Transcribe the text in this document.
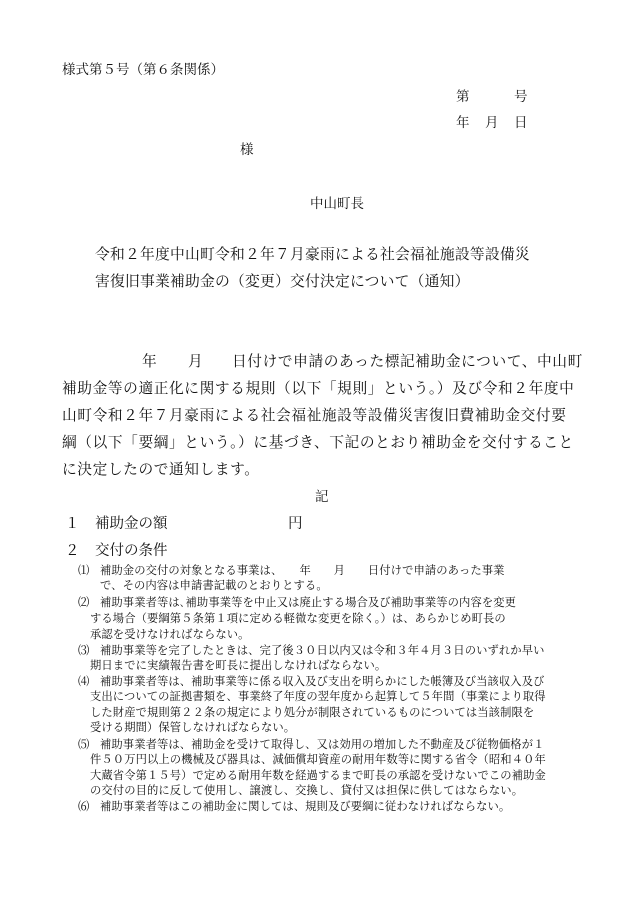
様式第５号（第６条関係）
第	号
年 月 日
様
中山町長
令和２年度中山町令和２年７月豪雨による社会福祉施設等設備災
害復旧事業補助金の（変更）交付決定について（通知）
年 月 日付けで申請のあった標記補助金について、中山町
補助金等の適正化に関する規則（以下「規則」という。）及び令和２年度中
山町令和２年７月豪雨による社会福祉施設等設備災害復旧費補助金交付要
綱（以下「要綱」という。）に基づき、下記のとおり補助金を交付すること
に決定したので通知します。
記
１ 補助金の額	円
２ 交付の条件
⑴ 補助金の交付の対象となる事業は、　　年　　月　　日付けで申請のあった事業
で、その内容は申請書記載のとおりとする。
⑵ 補助事業者等は､補助事業等を中止又は廃止する場合及び補助事業等の内容を変更
する場合（要綱第５条第１項に定める軽微な変更を除く。）は、あらかじめ町長の
承認を受けなければならない。
⑶ 補助事業等を完了したときは、完了後３０日以内又は令和３年４月３日のいずれか早い
期日までに実績報告書を町長に提出しなければならない。
⑷ 補助事業者等は、補助事業等に係る収入及び支出を明らかにした帳簿及び当該収入及び
支出についての証拠書類を、事業終了年度の翌年度から起算して５年間（事業により取得
した財産で規則第２２条の規定により処分が制限されているものについては当該制限を
受ける期間）保管しなければならない。
⑸ 補助事業者等は、補助金を受けて取得し、又は効用の増加した不動産及び従物価格が１
件５０万円以上の機械及び器具は、減価償却資産の耐用年数等に関する省令（昭和４０年
大蔵省令第１５号）で定める耐用年数を経過するまで町長の承認を受けないでこの補助金
の交付の目的に反して使用し、譲渡し、交換し、貸付又は担保に供してはならない。
⑹ 補助事業者等はこの補助金に関しては、規則及び要綱に従わなければならない。
